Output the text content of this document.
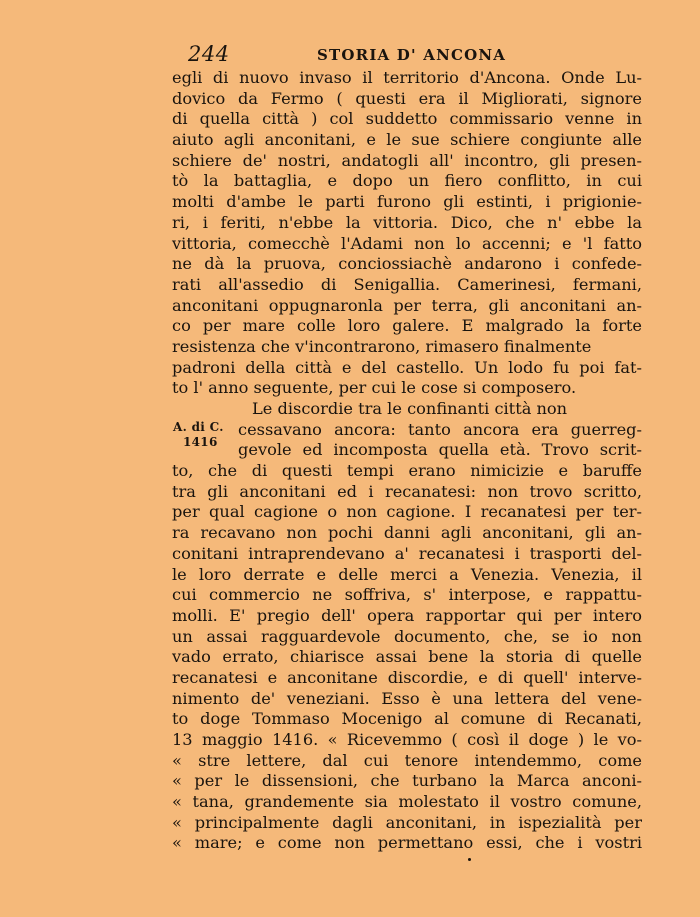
244	STORIA D' ANCONA
A. di C.
1416
egli di nuovo invaso il territorio d'Ancona. Onde Lu-
dovico da Fermo ( questi era il Migliorati, signore
di quella città ) col suddetto commissario venne in
aiuto agli anconitani, e le sue schiere congiunte alle
schiere de' nostri, andatogli all' incontro, gli presen-
tò la battaglia, e dopo un fiero conflitto, in cui
molti d'ambe le parti furono gli estinti, i prigionie-
ri, i feriti, n'ebbe la vittoria. Dico, che n' ebbe la
vittoria, comecchè l'Adami non lo accenni; e 'l fatto
ne dà la pruova, conciossiachè andarono i confede-
rati all'assedio di Senigallia. Camerinesi, fermani,
anconitani oppugnaronla per terra, gli anconitani an-
co per mare colle loro galere. E malgrado la forte
resistenza che v'incontrarono, rimasero finalmente
padroni della città e del castello. Un lodo fu poi fat-
to l' anno seguente, per cui le cose si composero.
Le discordie tra le confinanti città non
cessavano ancora: tanto ancora era guerreg-
gevole ed incomposta quella età. Trovo scrit-
to, che di questi tempi erano nimicizie e baruffe
tra gli anconitani ed i recanatesi: non trovo scritto,
per qual cagione o non cagione. I recanatesi per ter-
ra recavano non pochi danni agli anconitani, gli an-
conitani intraprendevano a' recanatesi i trasporti del-
le loro derrate e delle merci a Venezia. Venezia, il
cui commercio ne soffriva, s' interpose, e rappattu-
molli. E' pregio dell' opera rapportar qui per intero
un assai ragguardevole documento, che, se io non
vado errato, chiarisce assai bene la storia di quelle
recanatesi e anconitane discordie, e di quell' interve-
nimento de' veneziani. Esso è una lettera del vene-
to doge Tommaso Mocenigo al comune di Recanati,
13 maggio 1416. « Ricevemmo ( così il doge ) le vo-
« stre lettere, dal cui tenore intendemmo, come
« per le dissensioni, che turbano la Marca anconi-
« tana, grandemente sia molestato il vostro comune,
« principalmente dagli anconitani, in ispezialità per
« mare; e come non permettano essi, che i vostri
